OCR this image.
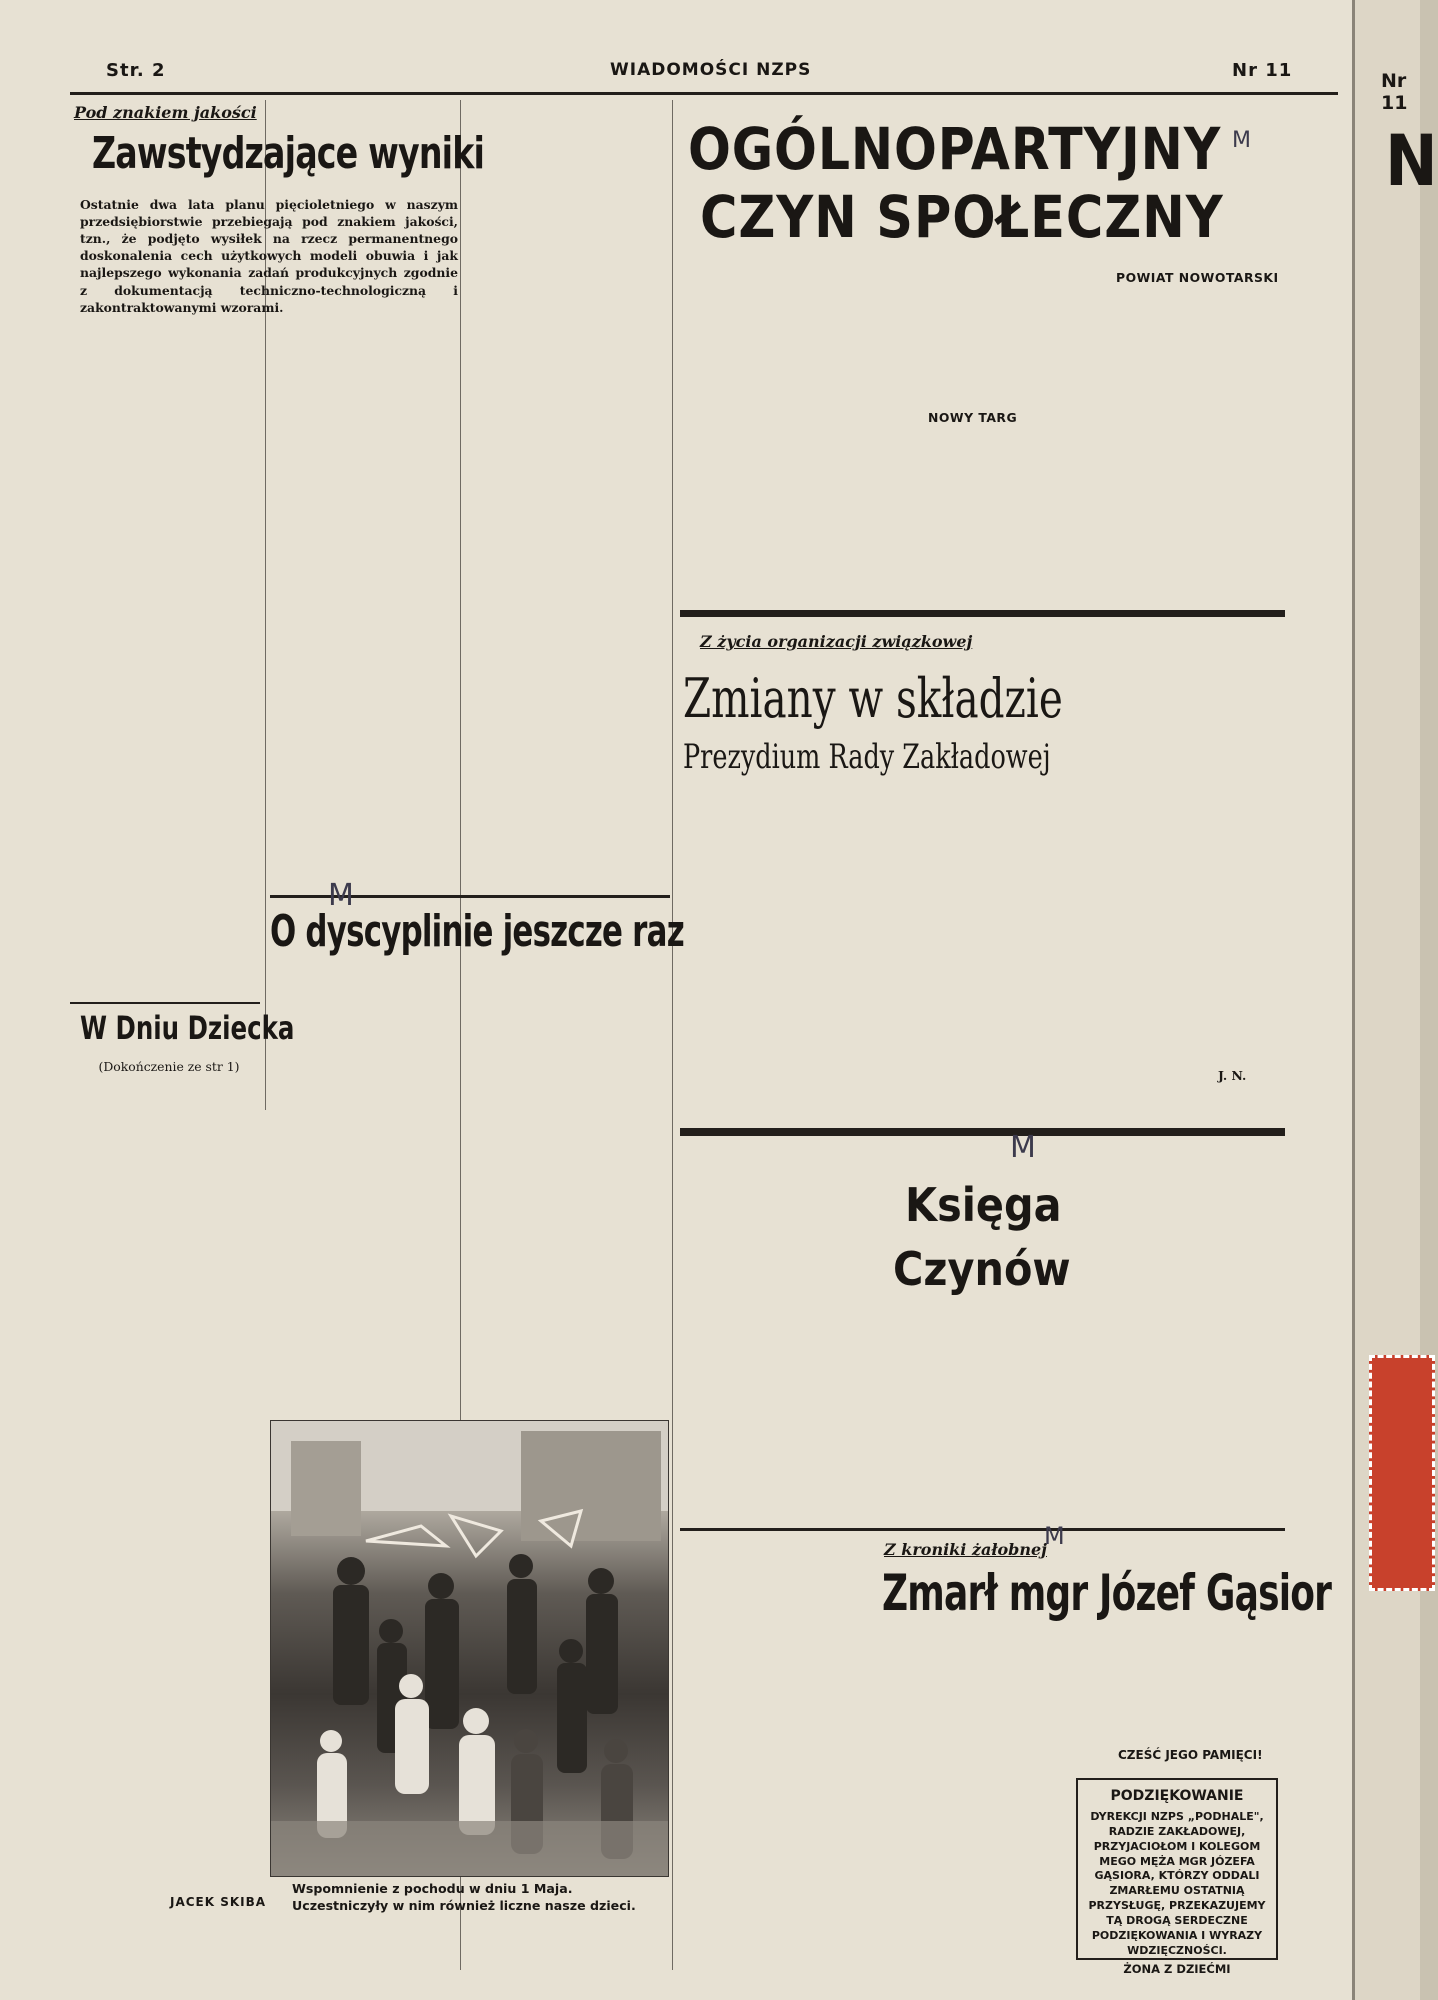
Str. 2	WIADOMOŚCI NZPS	Nr 11
Pod znakiem jakości
Zawstydzające wyniki
Ostatnie dwa lata planu pięcioletniego w naszym przedsiębiorstwie przebiegają pod znakiem jakości, tzn., że podjęto wysiłek na rzecz permanentnego doskonalenia cech użytkowych modeli obuwia i jak najlepszego wykonania zadań produkcyjnych zgodnie z dokumentacją techniczno-technologiczną i zakontraktowanymi wzorami.
W Dniu Dziecka
(Dokończenie ze str 1)
JACEK SKIBA
O dyscyplinie jeszcze raz
M
Wspomnienie z pochodu w dniu 1 Maja. Uczestniczyły w nim również liczne nasze dzieci.
OGÓLNOPARTYJNY
CZYN SPOŁECZNY
NOWY TARG
POWIAT NOWOTARSKI
Z życia organizacji związkowej
Zmiany w składzie
Prezydium Rady Zakładowej
J. N.
Księga
Czynów
M
Z kroniki żałobnej
M
Zmarł mgr Józef Gąsior
CZEŚĆ JEGO PAMIĘCI!
PODZIĘKOWANIE
DYREKCJI NZPS „PODHALE", RADZIE ZAKŁADOWEJ, PRZYJACIOŁOM I KOLEGOM MEGO MĘŻA MGR JÓZEFA GĄSIORA, KTÓRZY ODDALI ZMARŁEMU OSTATNIĄ PRZYSŁUGĘ, PRZEKAZUJEMY TĄ DROGĄ SERDECZNE PODZIĘKOWANIA I WYRAZY WDZIĘCZNOŚCI.
ŻONA Z DZIEĆMI
M
Nr 11
N
